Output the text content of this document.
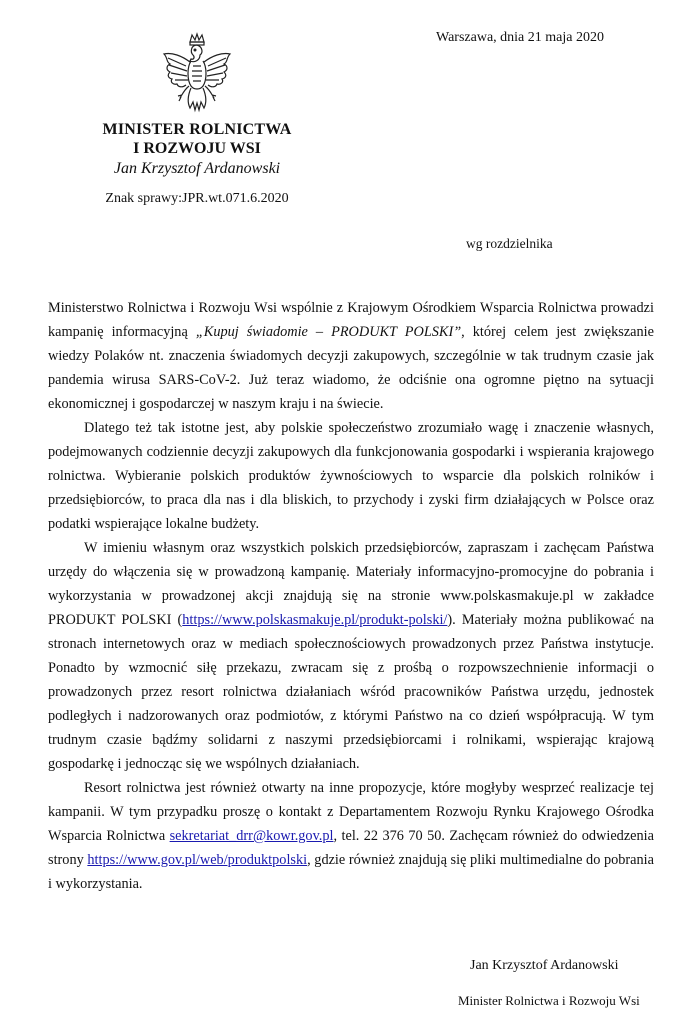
Warszawa, dnia 21 maja 2020
MINISTER ROLNICTWA
I ROZWOJU WSI
Jan Krzysztof Ardanowski
Znak sprawy:JPR.wt.071.6.2020
wg rozdzielnika

Ministerstwo Rolnictwa i Rozwoju Wsi wspólnie z Krajowym Ośrodkiem Wsparcia Rolnictwa prowadzi kampanię informacyjną „Kupuj świadomie – PRODUKT POLSKI”, której celem jest zwiększanie wiedzy Polaków nt. znaczenia świadomych decyzji zakupowych, szczególnie w tak trudnym czasie jak pandemia wirusa SARS-CoV-2. Już teraz wiadomo, że odciśnie ona ogromne piętno na sytuacji ekonomicznej i gospodarczej w naszym kraju i na świecie.

Dlatego też tak istotne jest, aby polskie społeczeństwo zrozumiało wagę i znaczenie własnych, podejmowanych codziennie decyzji zakupowych dla funkcjonowania gospodarki i wspierania krajowego rolnictwa. Wybieranie polskich produktów żywnościowych to wsparcie dla polskich rolników i przedsiębiorców, to praca dla nas i dla bliskich, to przychody i zyski firm działających w Polsce oraz podatki wspierające lokalne budżety.

W imieniu własnym oraz wszystkich polskich przedsiębiorców, zapraszam i zachęcam Państwa urzędy do włączenia się w prowadzoną kampanię. Materiały informacyjno-promocyjne do pobrania i wykorzystania w prowadzonej akcji znajdują się na stronie www.polskasmakuje.pl w zakładce PRODUKT POLSKI (https://www.polskasmakuje.pl/produkt-polski/). Materiały można publikować na stronach internetowych oraz w mediach społecznościowych prowadzonych przez Państwa instytucje. Ponadto by wzmocnić siłę przekazu, zwracam się z prośbą o rozpowszechnienie informacji o prowadzonych przez resort rolnictwa działaniach wśród pracowników Państwa urzędu, jednostek podległych i nadzorowanych oraz podmiotów, z którymi Państwo na co dzień współpracują. W tym trudnym czasie bądźmy solidarni z naszymi przedsiębiorcami i rolnikami, wspierając krajową gospodarkę i jednocząc się we wspólnych działaniach.

Resort rolnictwa jest również otwarty na inne propozycje, które mogłyby wesprzeć realizacje tej kampanii. W tym przypadku proszę o kontakt z Departamentem Rozwoju Rynku Krajowego Ośrodka Wsparcia Rolnictwa sekretariat_drr@kowr.gov.pl, tel. 22 376 70 50. Zachęcam również do odwiedzenia strony https://www.gov.pl/web/produktpolski, gdzie również znajdują się pliki multimedialne do pobrania i wykorzystania.

Jan Krzysztof Ardanowski
Minister Rolnictwa i Rozwoju Wsi
